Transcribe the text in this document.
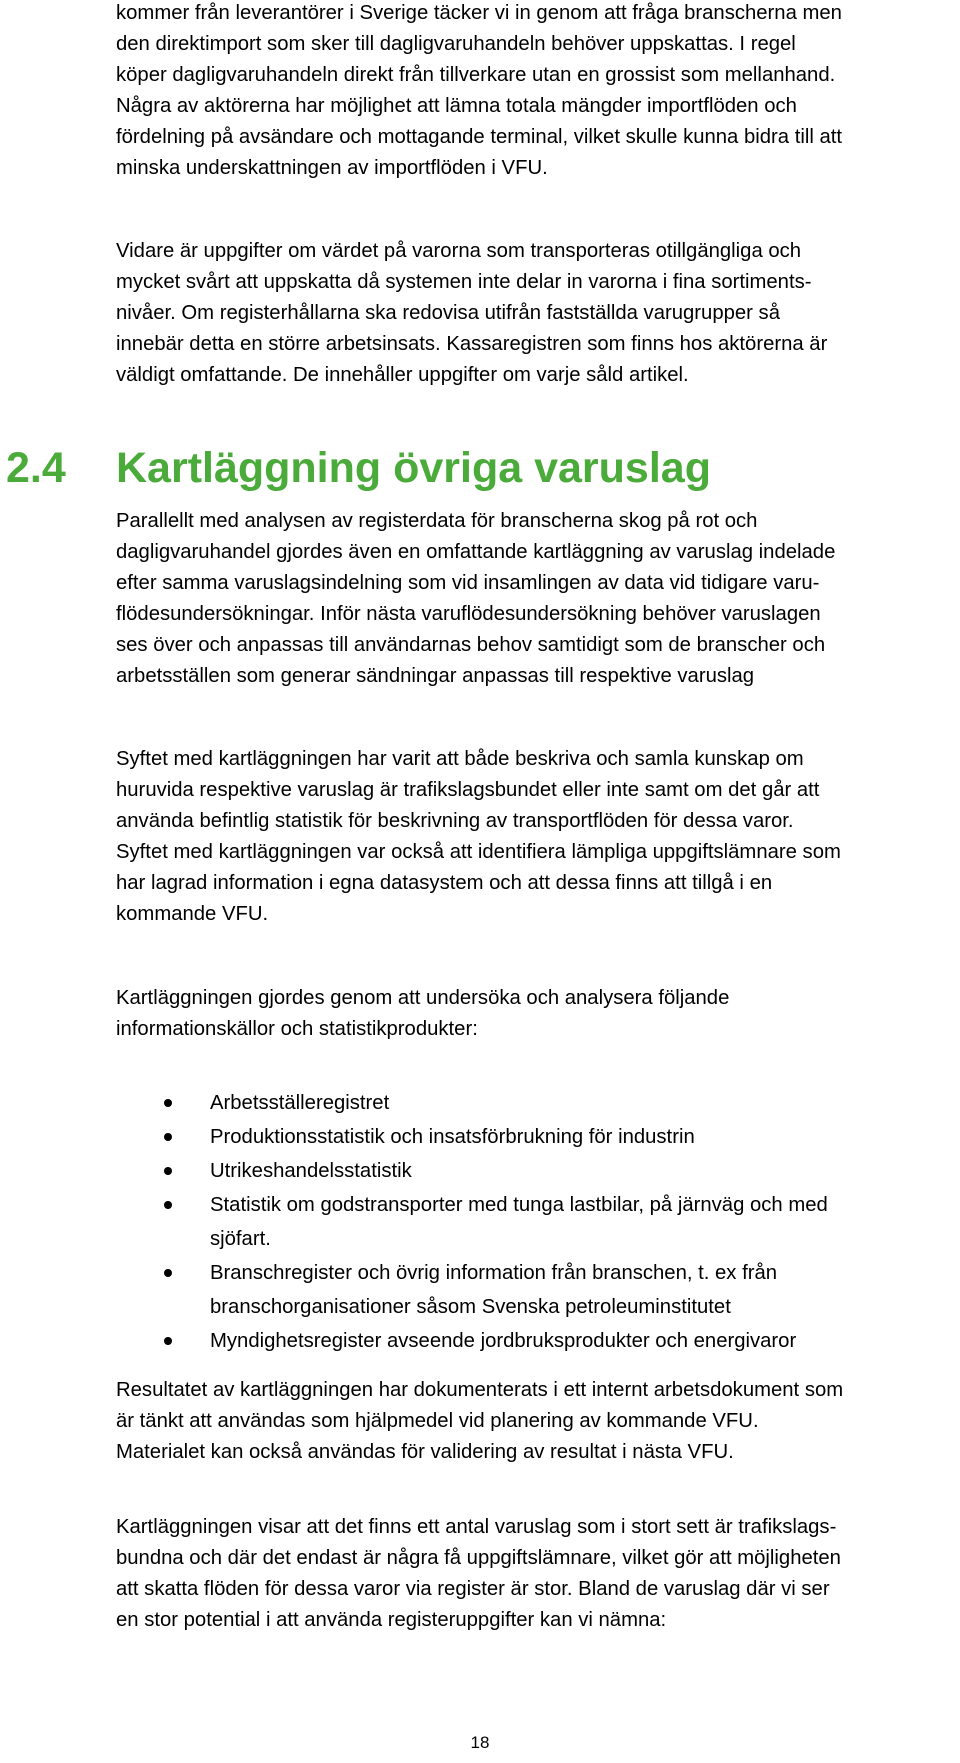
kommer från leverantörer i Sverige täcker vi in genom att fråga branscherna men
den direktimport som sker till dagligvaruhandeln behöver uppskattas. I regel
köper dagligvaruhandeln direkt från tillverkare utan en grossist som mellanhand.
Några av aktörerna har möjlighet att lämna totala mängder importflöden och
fördelning på avsändare och mottagande terminal, vilket skulle kunna bidra till att
minska underskattningen av importflöden i VFU.
Vidare är uppgifter om värdet på varorna som transporteras otillgängliga och
mycket svårt att uppskatta då systemen inte delar in varorna i fina sortiments-
nivåer. Om registerhållarna ska redovisa utifrån fastställda varugrupper så
innebär detta en större arbetsinsats. Kassaregistren som finns hos aktörerna är
väldigt omfattande. De innehåller uppgifter om varje såld artikel.
2.4 Kartläggning övriga varuslag
Parallellt med analysen av registerdata för branscherna skog på rot och
dagligvaruhandel gjordes även en omfattande kartläggning av varuslag indelade
efter samma varuslagsindelning som vid insamlingen av data vid tidigare varu-
flödesundersökningar. Inför nästa varuflödesundersökning behöver varuslagen
ses över och anpassas till användarnas behov samtidigt som de branscher och
arbetsställen som generar sändningar anpassas till respektive varuslag
Syftet med kartläggningen har varit att både beskriva och samla kunskap om
huruvida respektive varuslag är trafikslagsbundet eller inte samt om det går att
använda befintlig statistik för beskrivning av transportflöden för dessa varor.
Syftet med kartläggningen var också att identifiera lämpliga uppgiftslämnare som
har lagrad information i egna datasystem och att dessa finns att tillgå i en
kommande VFU.
Kartläggningen gjordes genom att undersöka och analysera följande
informationskällor och statistikprodukter:
Arbetsställeregistret
Produktionsstatistik och insatsförbrukning för industrin
Utrikeshandelsstatistik
Statistik om godstransporter med tunga lastbilar, på järnväg och med
sjöfart.
Branschregister och övrig information från branschen, t. ex från
branschorganisationer såsom Svenska petroleuminstitutet
Myndighetsregister avseende jordbruksprodukter och energivaror
Resultatet av kartläggningen har dokumenterats i ett internt arbetsdokument som
är tänkt att användas som hjälpmedel vid planering av kommande VFU.
Materialet kan också användas för validering av resultat i nästa VFU.
Kartläggningen visar att det finns ett antal varuslag som i stort sett är trafikslags-
bundna och där det endast är några få uppgiftslämnare, vilket gör att möjligheten
att skatta flöden för dessa varor via register är stor. Bland de varuslag där vi ser
en stor potential i att använda registeruppgifter kan vi nämna:
18
